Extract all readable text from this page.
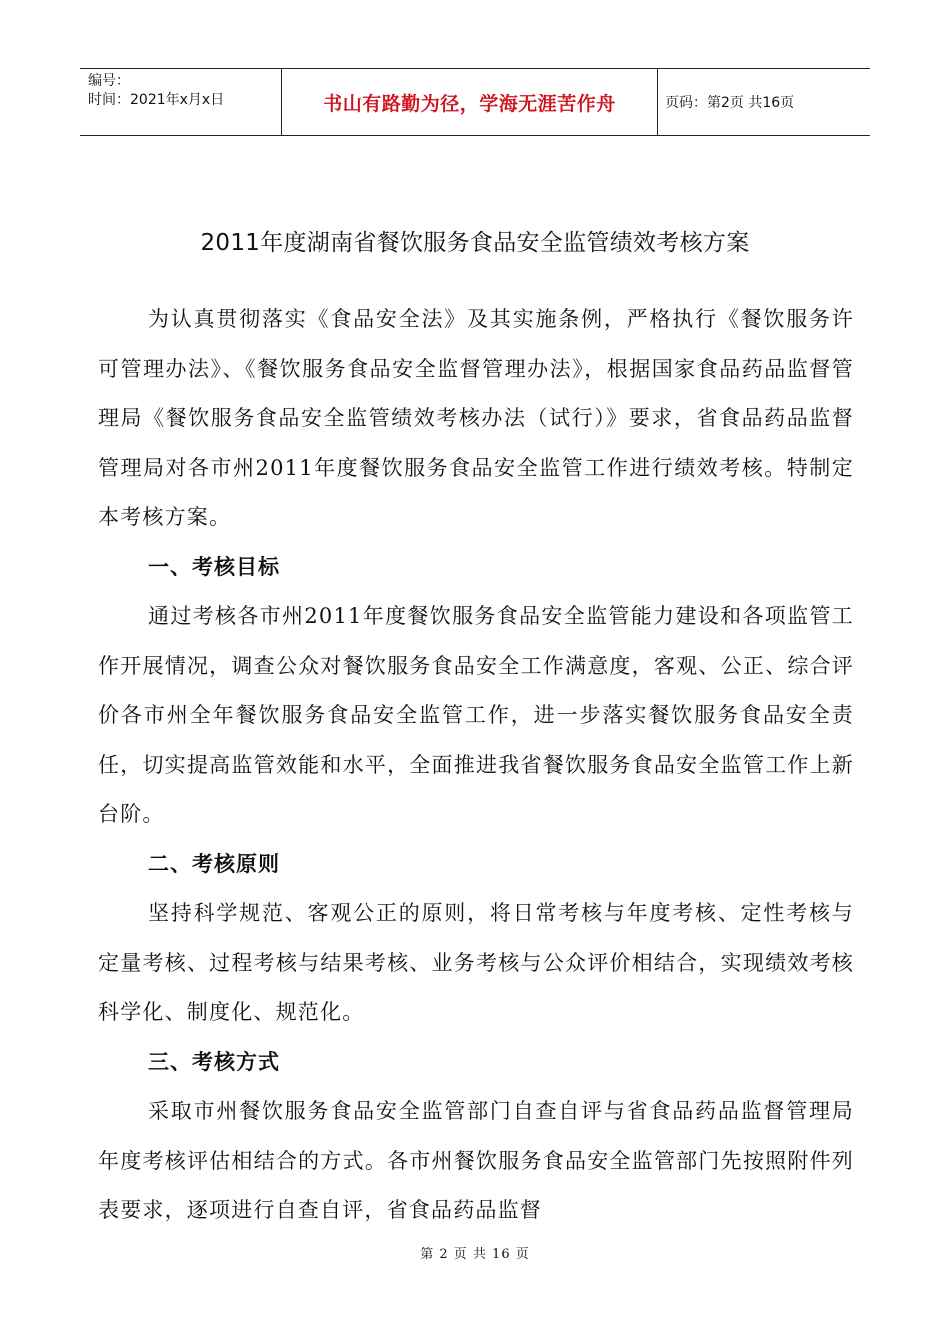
编号：
时间：2021年x月x日	书山有路勤为径，学海无涯苦作舟	页码：第2页 共16页
2011年度湖南省餐饮服务食品安全监管绩效考核方案

为认真贯彻落实《食品安全法》及其实施条例，严格执行《餐饮服务许可管理办法》、《餐饮服务食品安全监督管理办法》，根据国家食品药品监督管理局《餐饮服务食品安全监管绩效考核办法（试行）》要求，省食品药品监督管理局对各市州2011年度餐饮服务食品安全监管工作进行绩效考核。特制定本考核方案。

一、考核目标

通过考核各市州2011年度餐饮服务食品安全监管能力建设和各项监管工作开展情况，调查公众对餐饮服务食品安全工作满意度，客观、公正、综合评价各市州全年餐饮服务食品安全监管工作，进一步落实餐饮服务食品安全责任，切实提高监管效能和水平，全面推进我省餐饮服务食品安全监管工作上新台阶。

二、考核原则

坚持科学规范、客观公正的原则，将日常考核与年度考核、定性考核与定量考核、过程考核与结果考核、业务考核与公众评价相结合，实现绩效考核科学化、制度化、规范化。

三、考核方式

采取市州餐饮服务食品安全监管部门自查自评与省食品药品监督管理局年度考核评估相结合的方式。各市州餐饮服务食品安全监管部门先按照附件列表要求，逐项进行自查自评，省食品药品监督

第 2 页 共 16 页
